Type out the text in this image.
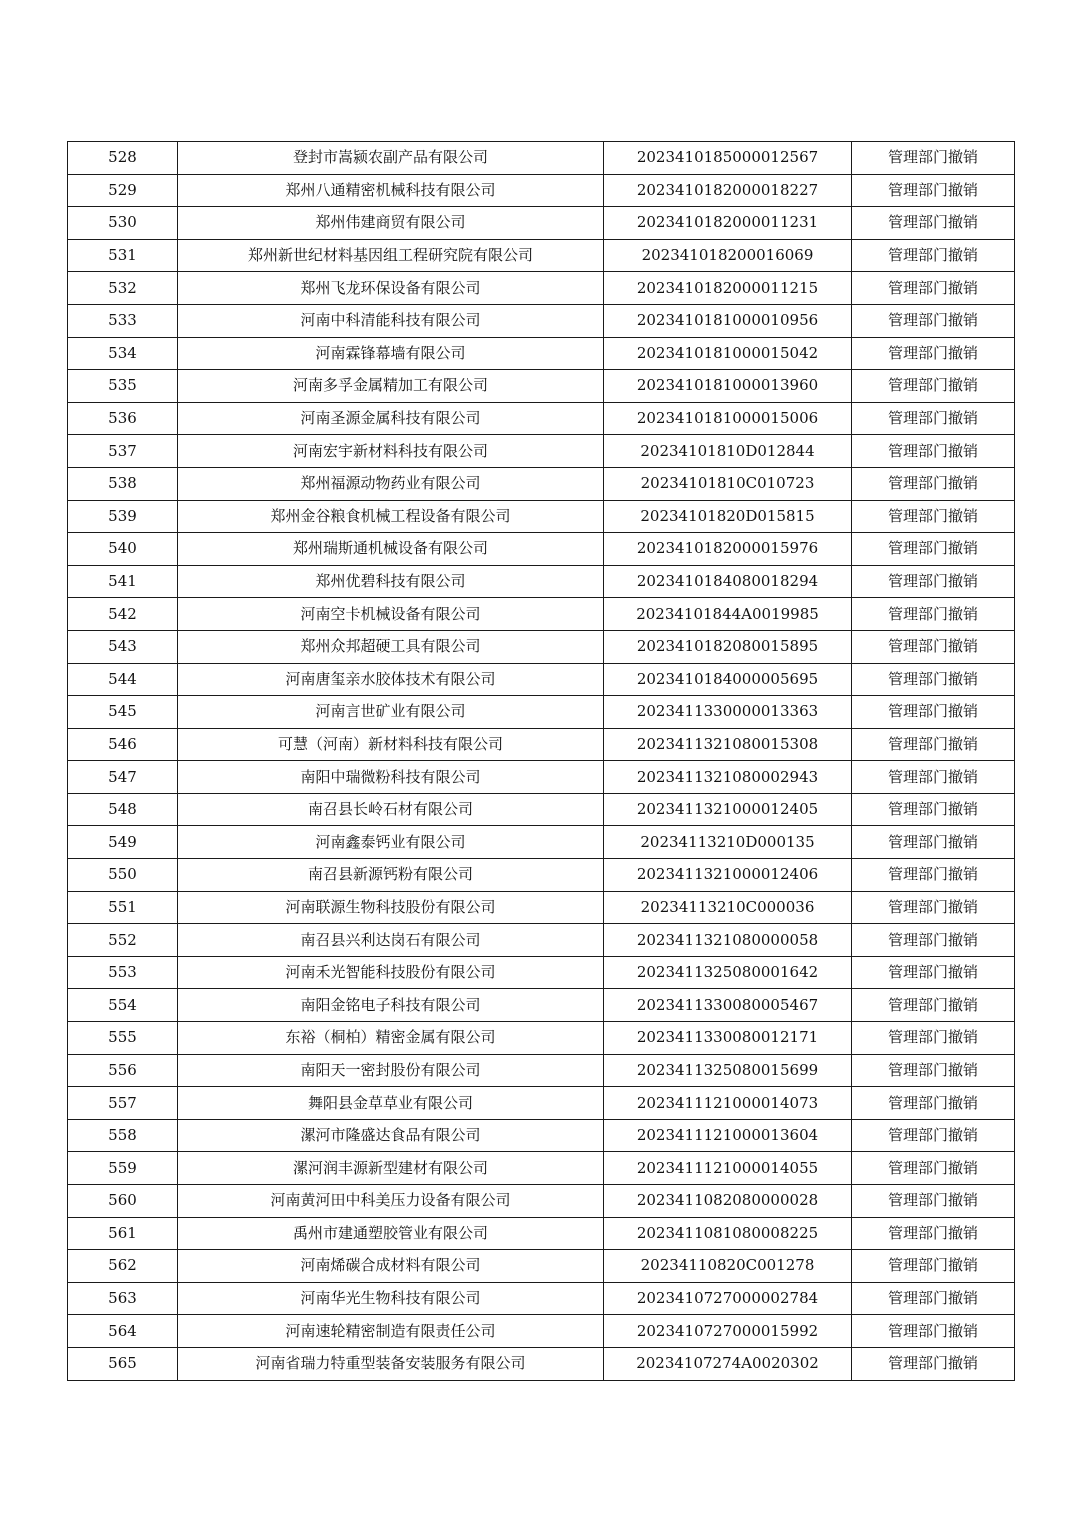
528	登封市嵩颍农副产品有限公司	2023410185000012567	管理部门撤销
529	郑州八通精密机械科技有限公司	2023410182000018227	管理部门撤销
530	郑州伟建商贸有限公司	2023410182000011231	管理部门撤销
531	郑州新世纪材料基因组工程研究院有限公司	202341018200016069	管理部门撤销
532	郑州飞龙环保设备有限公司	2023410182000011215	管理部门撤销
533	河南中科清能科技有限公司	2023410181000010956	管理部门撤销
534	河南霖锋幕墙有限公司	2023410181000015042	管理部门撤销
535	河南多孚金属精加工有限公司	2023410181000013960	管理部门撤销
536	河南圣源金属科技有限公司	2023410181000015006	管理部门撤销
537	河南宏宇新材料科技有限公司	20234101810D012844	管理部门撤销
538	郑州福源动物药业有限公司	20234101810C010723	管理部门撤销
539	郑州金谷粮食机械工程设备有限公司	20234101820D015815	管理部门撤销
540	郑州瑞斯通机械设备有限公司	2023410182000015976	管理部门撤销
541	郑州优碧科技有限公司	2023410184080018294	管理部门撤销
542	河南空卡机械设备有限公司	20234101844A0019985	管理部门撤销
543	郑州众邦超硬工具有限公司	2023410182080015895	管理部门撤销
544	河南唐玺亲水胶体技术有限公司	2023410184000005695	管理部门撤销
545	河南言世矿业有限公司	2023411330000013363	管理部门撤销
546	可慧（河南）新材料科技有限公司	2023411321080015308	管理部门撤销
547	南阳中瑞微粉科技有限公司	2023411321080002943	管理部门撤销
548	南召县长岭石材有限公司	2023411321000012405	管理部门撤销
549	河南鑫泰钙业有限公司	20234113210D000135	管理部门撤销
550	南召县新源钙粉有限公司	2023411321000012406	管理部门撤销
551	河南联源生物科技股份有限公司	20234113210C000036	管理部门撤销
552	南召县兴利达岗石有限公司	2023411321080000058	管理部门撤销
553	河南禾光智能科技股份有限公司	2023411325080001642	管理部门撤销
554	南阳金铭电子科技有限公司	2023411330080005467	管理部门撤销
555	东裕（桐柏）精密金属有限公司	2023411330080012171	管理部门撤销
556	南阳天一密封股份有限公司	2023411325080015699	管理部门撤销
557	舞阳县金草草业有限公司	2023411121000014073	管理部门撤销
558	漯河市隆盛达食品有限公司	2023411121000013604	管理部门撤销
559	漯河润丰源新型建材有限公司	2023411121000014055	管理部门撤销
560	河南黄河田中科美压力设备有限公司	2023411082080000028	管理部门撤销
561	禹州市建通塑胶管业有限公司	2023411081080008225	管理部门撤销
562	河南烯碳合成材料有限公司	20234110820C001278	管理部门撤销
563	河南华光生物科技有限公司	2023410727000002784	管理部门撤销
564	河南速轮精密制造有限责任公司	2023410727000015992	管理部门撤销
565	河南省瑞力特重型装备安装服务有限公司	20234107274A0020302	管理部门撤销
